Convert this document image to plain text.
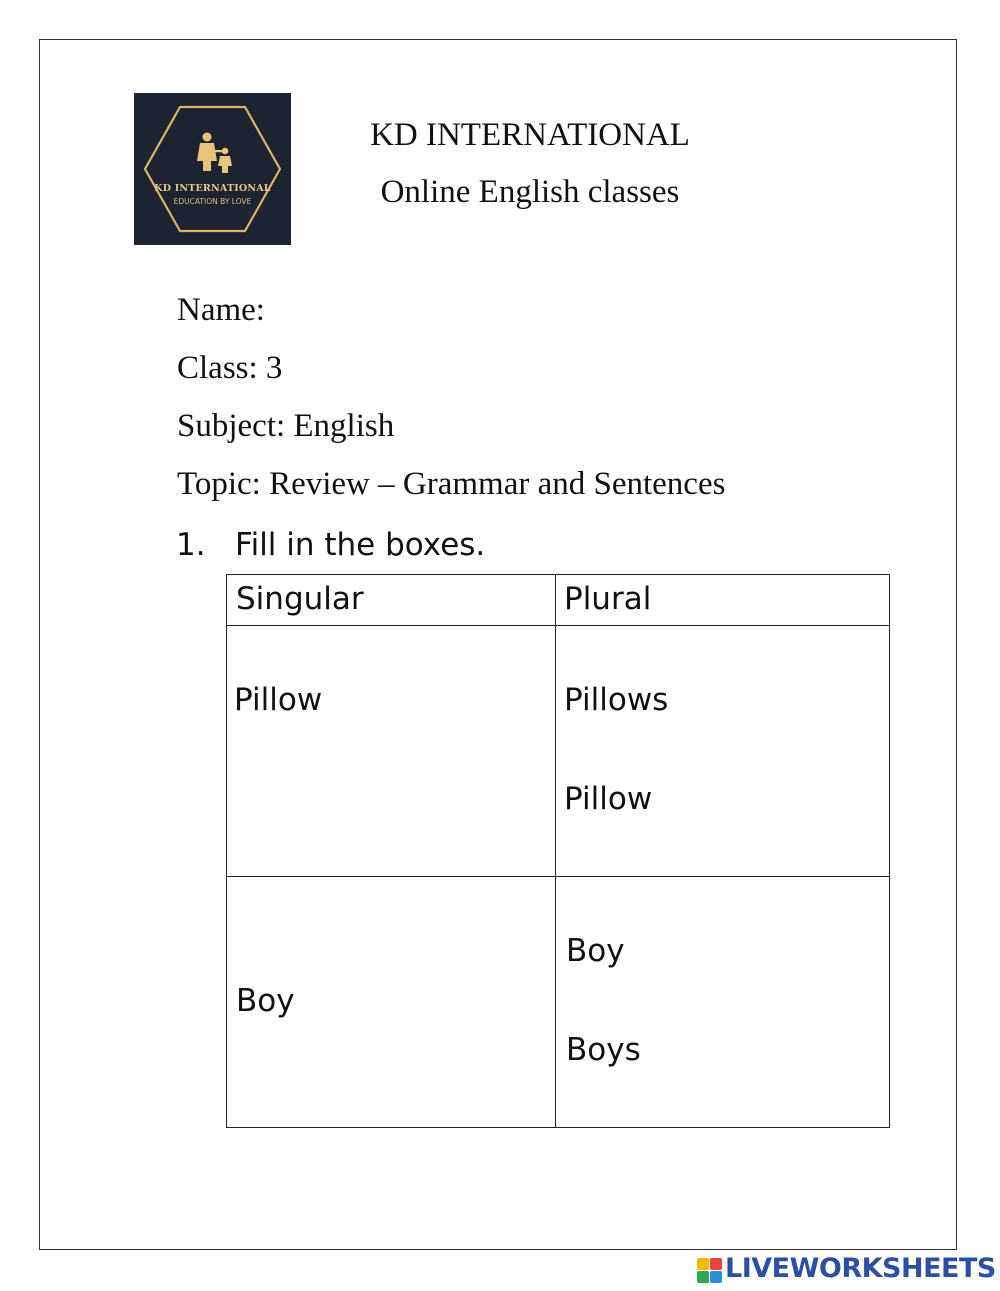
KD INTERNATIONAL
EDUCATION BY LOVE
KD INTERNATIONAL
Online English classes
Name:
Class: 3
Subject: English
Topic: Review – Grammar and Sentences
1. Fill in the boxes.
Singular	Plural
Pillow	Pillows
Pillow
Boy
Boy
Boys
LIVEWORKSHEETS
